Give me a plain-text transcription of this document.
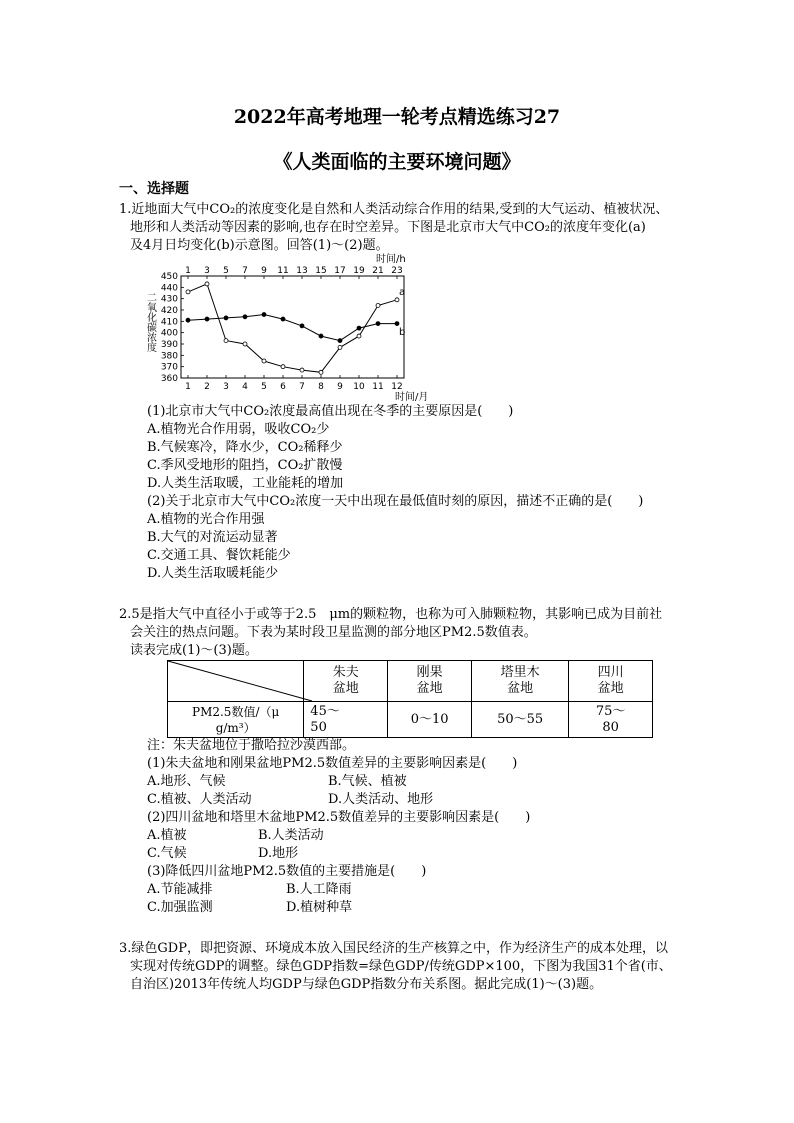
2022年高考地理一轮考点精选练习27
《人类面临的主要环境问题》
一、选择题
1.近地面大气中CO₂的浓度变化是自然和人类活动综合作用的结果,受到的大气运动、植被状况、
地形和人类活动等因素的影响,也存在时空差异。下图是北京市大气中CO₂的浓度年变化(a)
及4月日均变化(b)示意图。回答(1)～(2)题。
二氧化碳浓度
时间/h
时间/月
a
b
450
440
430
420
410
400
390
380
370
360
1 3 5 7 9 11 13 15 17 19 21 23
1 2 3 4 5 6 7 8 9 10 11 12
(1)北京市大气中CO₂浓度最高值出现在冬季的主要原因是(　　)
A.植物光合作用弱，吸收CO₂少
B.气候寒冷，降水少，CO₂稀释少
C.季风受地形的阻挡，CO₂扩散慢
D.人类生活取暖，工业能耗的增加
(2)关于北京市大气中CO₂浓度一天中出现在最低值时刻的原因，描述不正确的是(　　)
A.植物的光合作用强
B.大气的对流运动显著
C.交通工具、餐饮耗能少
D.人类生活取暖耗能少
2.5是指大气中直径小于或等于2.5　μm的颗粒物，也称为可入肺颗粒物，其影响已成为目前社
会关注的热点问题。下表为某时段卫星监测的部分地区PM2.5数值表。
读表完成(1)～(3)题。
	朱夫
盆地	刚果
盆地	塔里木
盆地	四川
盆地
PM2.5数值/（μ
g/m³）	45～
50	0～10	50～55	75～
80
注：朱夫盆地位于撒哈拉沙漠西部。
(1)朱夫盆地和刚果盆地PM2.5数值差异的主要影响因素是(　　)
A.地形、气候	B.气候、植被
C.植被、人类活动	D.人类活动、地形
(2)四川盆地和塔里木盆地PM2.5数值差异的主要影响因素是(　　)
A.植被	B.人类活动
C.气候	D.地形
(3)降低四川盆地PM2.5数值的主要措施是(　　)
A.节能减排	B.人工降雨
C.加强监测	D.植树种草
3.绿色GDP，即把资源、环境成本放入国民经济的生产核算之中，作为经济生产的成本处理，以
实现对传统GDP的调整。绿色GDP指数=绿色GDP/传统GDP×100，下图为我国31个省(市、
自治区)2013年传统人均GDP与绿色GDP指数分布关系图。据此完成(1)～(3)题。
